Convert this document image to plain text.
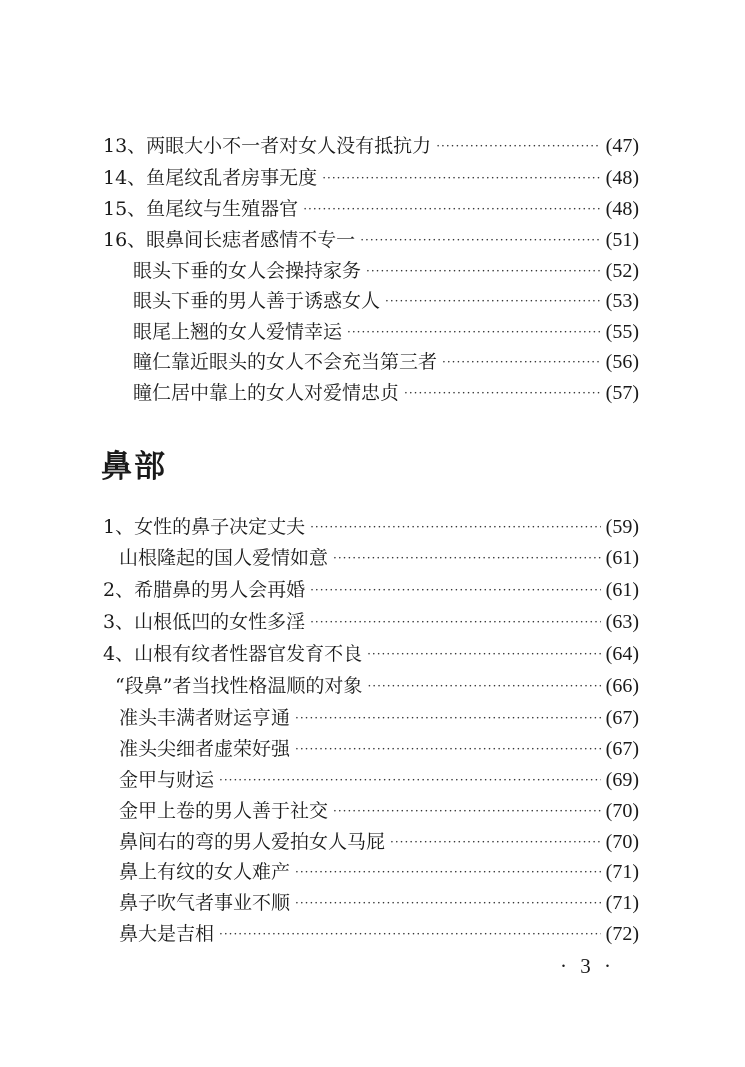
13、两眼大小不一者对女人没有抵抗力 ·····	(47)
14、鱼尾纹乱者房事无度 ·····	(48)
15、鱼尾纹与生殖器官 ·····	(48)
16、眼鼻间长痣者感情不专一 ·····	(51)
眼头下垂的女人会操持家务 ·····	(52)
眼头下垂的男人善于诱惑女人 ·····	(53)
眼尾上翘的女人爱情幸运 ·····	(55)
瞳仁靠近眼头的女人不会充当第三者 ·····	(56)
瞳仁居中靠上的女人对爱情忠贞 ·····	(57)
鼻部
1、女性的鼻子决定丈夫 ·····	(59)
山根隆起的国人爱情如意 ·····	(61)
2、希腊鼻的男人会再婚 ·····	(61)
3、山根低凹的女性多淫 ·····	(63)
4、山根有纹者性器官发育不良 ·····	(64)
“段鼻”者当找性格温顺的对象 ·····	(66)
准头丰满者财运亨通 ·····	(67)
准头尖细者虚荣好强 ·····	(67)
金甲与财运 ·····	(69)
金甲上卷的男人善于社交 ·····	(70)
鼻间右的弯的男人爱拍女人马屁 ·····	(70)
鼻上有纹的女人难产 ·····	(71)
鼻子吹气者事业不顺 ·····	(71)
鼻大是吉相 ·····	(72)
· 3 ·
